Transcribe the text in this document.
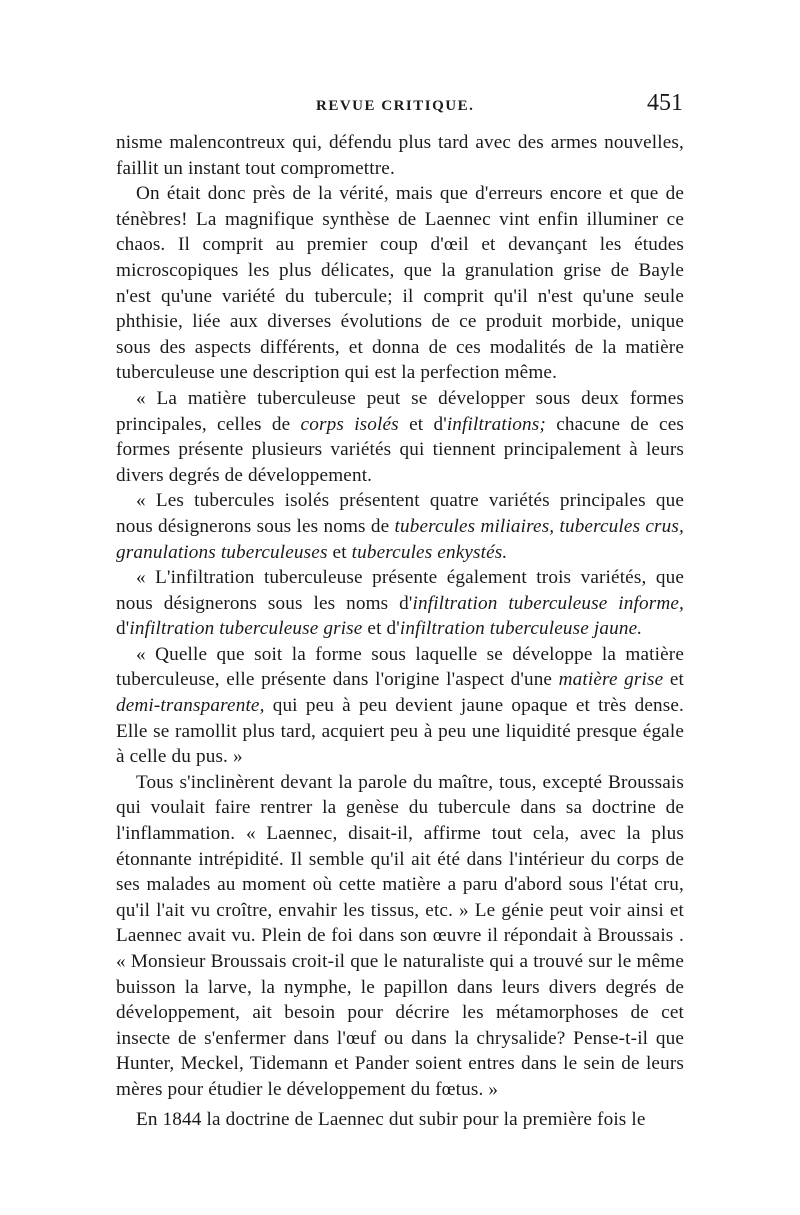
REVUE CRITIQUE.	451

nisme malencontreux qui, défendu plus tard avec des armes nouvelles, faillit un instant tout compromettre.

On était donc près de la vérité, mais que d'erreurs encore et que de ténèbres! La magnifique synthèse de Laennec vint enfin illuminer ce chaos. Il comprit au premier coup d'œil et devançant les études microscopiques les plus délicates, que la granulation grise de Bayle n'est qu'une variété du tubercule; il comprit qu'il n'est qu'une seule phthisie, liée aux diverses évolutions de ce produit morbide, unique sous des aspects différents, et donna de ces modalités de la matière tuberculeuse une description qui est la perfection même.

« La matière tuberculeuse peut se développer sous deux formes principales, celles de corps isolés et d'infiltrations; chacune de ces formes présente plusieurs variétés qui tiennent principalement à leurs divers degrés de développement.

« Les tubercules isolés présentent quatre variétés principales que nous désignerons sous les noms de tubercules miliaires, tubercules crus, granulations tuberculeuses et tubercules enkystés.

« L'infiltration tuberculeuse présente également trois variétés, que nous désignerons sous les noms d'infiltration tuberculeuse informe, d'infiltration tuberculeuse grise et d'infiltration tuberculeuse jaune.

« Quelle que soit la forme sous laquelle se développe la matière tuberculeuse, elle présente dans l'origine l'aspect d'une matière grise et demi-transparente, qui peu à peu devient jaune opaque et très dense. Elle se ramollit plus tard, acquiert peu à peu une liquidité presque égale à celle du pus. »

Tous s'inclinèrent devant la parole du maître, tous, excepté Broussais qui voulait faire rentrer la genèse du tubercule dans sa doctrine de l'inflammation. « Laennec, disait-il, affirme tout cela, avec la plus étonnante intrépidité. Il semble qu'il ait été dans l'intérieur du corps de ses malades au moment où cette matière a paru d'abord sous l'état cru, qu'il l'ait vu croître, envahir les tissus, etc. » Le génie peut voir ainsi et Laennec avait vu. Plein de foi dans son œuvre il répondait à Broussais . « Monsieur Broussais croit-il que le naturaliste qui a trouvé sur le même buisson la larve, la nymphe, le papillon dans leurs divers degrés de développement, ait besoin pour décrire les métamorphoses de cet insecte de s'enfermer dans l'œuf ou dans la chrysalide? Pense-t-il que Hunter, Meckel, Tidemann et Pander soient entres dans le sein de leurs mères pour étudier le développement du fœtus. »

En 1844 la doctrine de Laennec dut subir pour la première fois le
